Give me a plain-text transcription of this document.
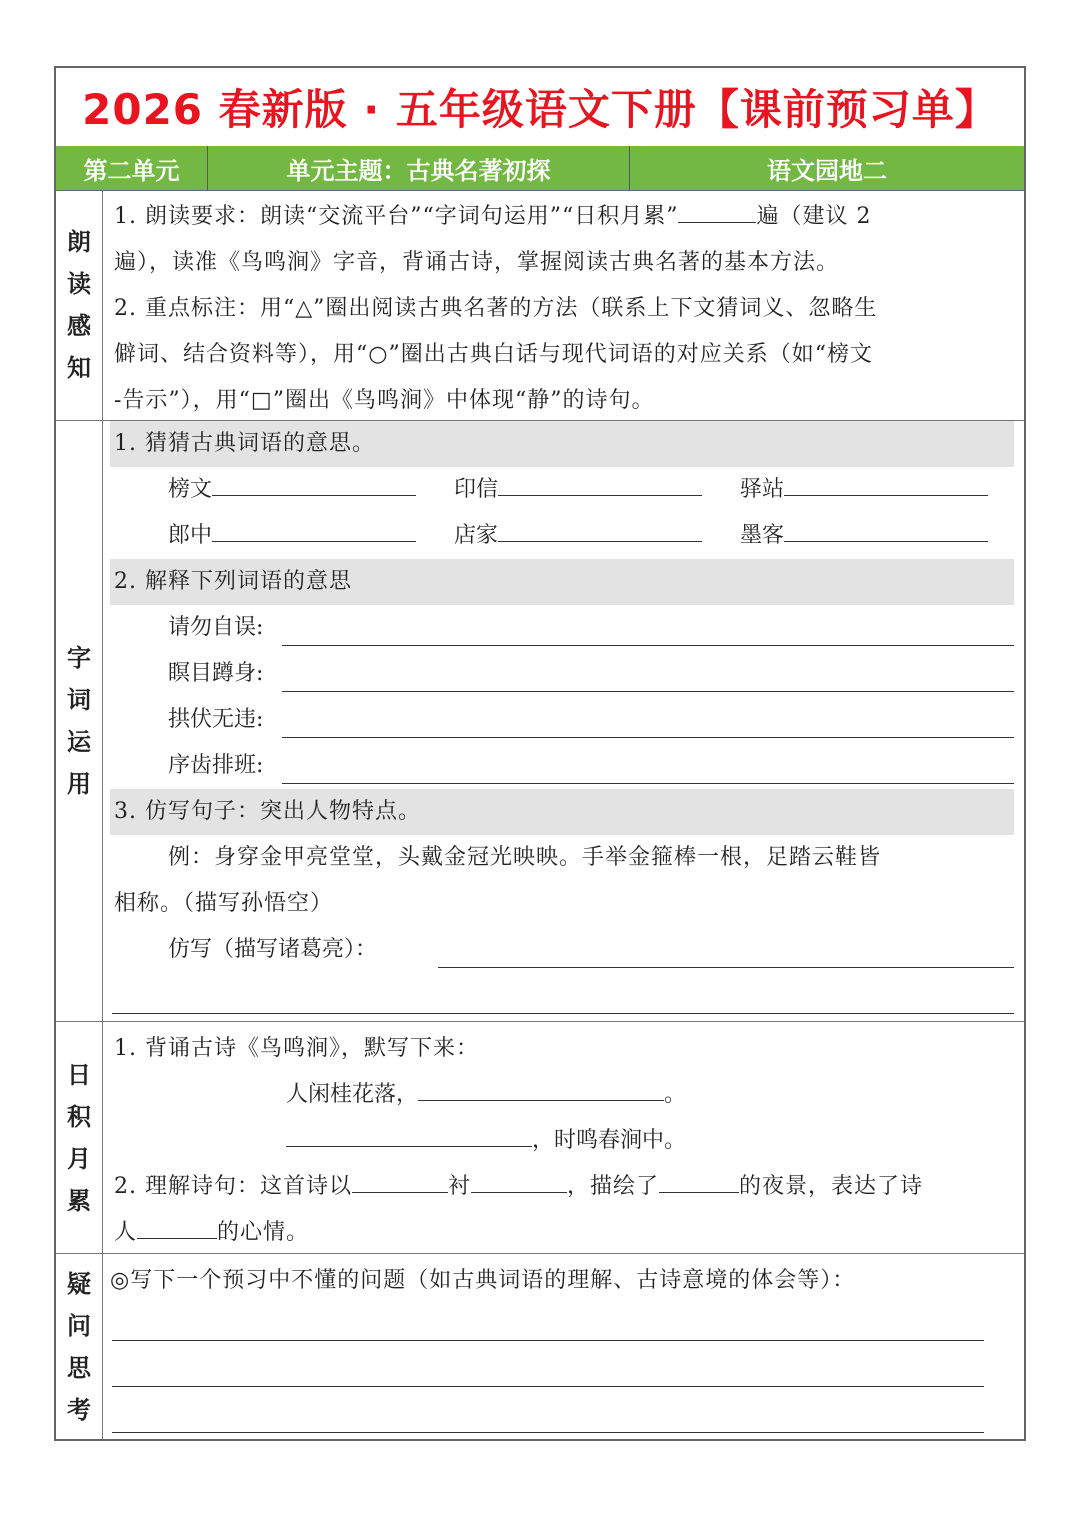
2026 春新版 · 五年级语文下册【课前预习单】
第二单元	单元主题：古典名著初探	语文园地二
朗
读
感
知
1. 朗读要求：朗读“交流平台”“字词句运用”“日积月累”	遍（建议 2
遍），读准《鸟鸣涧》字音，背诵古诗，掌握阅读古典名著的基本方法。
2. 重点标注：用“△”圈出阅读古典名著的方法（联系上下文猜词义、忽略生
僻词、结合资料等），用“○”圈出古典白话与现代词语的对应关系（如“榜文
-告示”），用“□”圈出《鸟鸣涧》中体现“静”的诗句。
字
词
运
用
1. 猜猜古典词语的意思。
榜文	印信	驿站
郎中	店家	墨客
2. 解释下列词语的意思
请勿自误:
瞑目蹲身:
拱伏无违:
序齿排班:
3. 仿写句子：突出人物特点。
例：身穿金甲亮堂堂，头戴金冠光映映。手举金箍棒一根，足踏云鞋皆
相称。（描写孙悟空）
仿写（描写诸葛亮）：
日
积
月
累
1. 背诵古诗《鸟鸣涧》，默写下来：
人闲桂花落，	。
，时鸣春涧中。
2. 理解诗句：这首诗以	衬	，描绘了	的夜景，表达了诗
人	的心情。
疑
问
思
考
◎写下一个预习中不懂的问题（如古典词语的理解、古诗意境的体会等）：
